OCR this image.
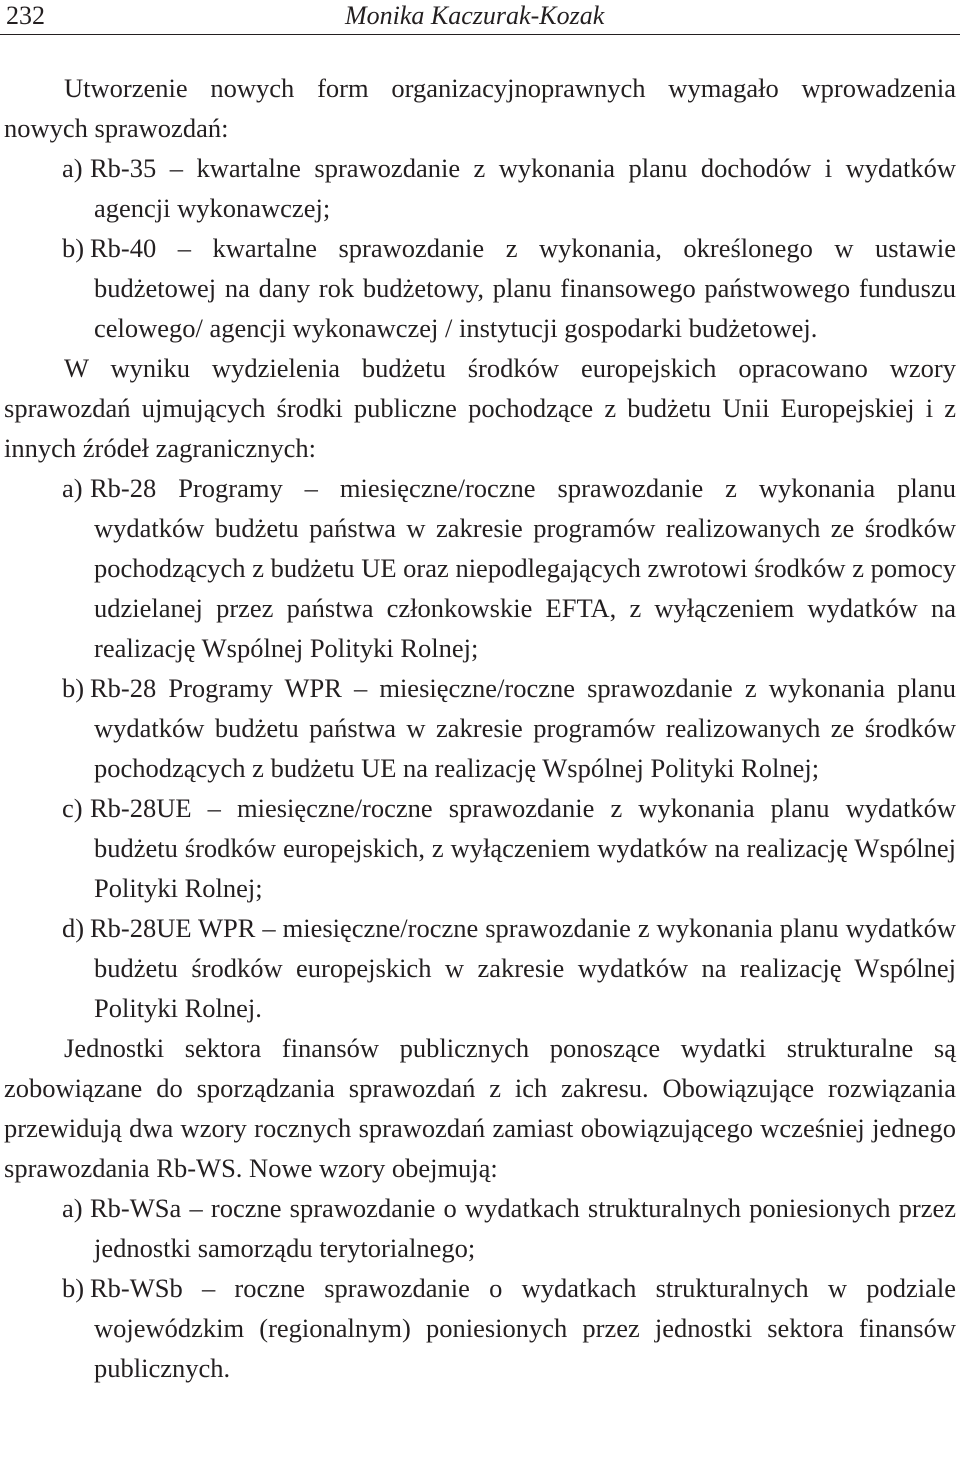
232	Monika Kaczurak-Kozak

Utworzenie nowych form organizacyjnoprawnych wymagało wprowadzenia nowych sprawozdań:

a) Rb-35 – kwartalne sprawozdanie z wykonania planu dochodów i wydatków agencji wykonawczej;
b) Rb-40 – kwartalne sprawozdanie z wykonania, określonego w ustawie budżetowej na dany rok budżetowy, planu finansowego państwowego funduszu celowego/ agencji wykonawczej / instytucji gospodarki budżetowej.

W wyniku wydzielenia budżetu środków europejskich opracowano wzory sprawozdań ujmujących środki publiczne pochodzące z budżetu Unii Europejskiej i z innych źródeł zagranicznych:

a) Rb-28 Programy – miesięczne/roczne sprawozdanie z wykonania planu wydatków budżetu państwa w zakresie programów realizowanych ze środków pochodzących z budżetu UE oraz niepodlegających zwrotowi środków z pomocy udzielanej przez państwa członkowskie EFTA, z wyłączeniem wydatków na realizację Wspólnej Polityki Rolnej;
b) Rb-28 Programy WPR – miesięczne/roczne sprawozdanie z wykonania planu wydatków budżetu państwa w zakresie programów realizowanych ze środków pochodzących z budżetu UE na realizację Wspólnej Polityki Rolnej;
c) Rb-28UE – miesięczne/roczne sprawozdanie z wykonania planu wydatków budżetu środków europejskich, z wyłączeniem wydatków na realizację Wspólnej Polityki Rolnej;
d) Rb-28UE WPR – miesięczne/roczne sprawozdanie z wykonania planu wydatków budżetu środków europejskich w zakresie wydatków na realizację Wspólnej Polityki Rolnej.

Jednostki sektora finansów publicznych ponoszące wydatki strukturalne są zobowiązane do sporządzania sprawozdań z ich zakresu. Obowiązujące rozwiązania przewidują dwa wzory rocznych sprawozdań zamiast obowiązującego wcześniej jednego sprawozdania Rb-WS. Nowe wzory obejmują:

a) Rb-WSa – roczne sprawozdanie o wydatkach strukturalnych poniesionych przez jednostki samorządu terytorialnego;
b) Rb-WSb – roczne sprawozdanie o wydatkach strukturalnych w podziale wojewódzkim (regionalnym) poniesionych przez jednostki sektora finansów publicznych.
